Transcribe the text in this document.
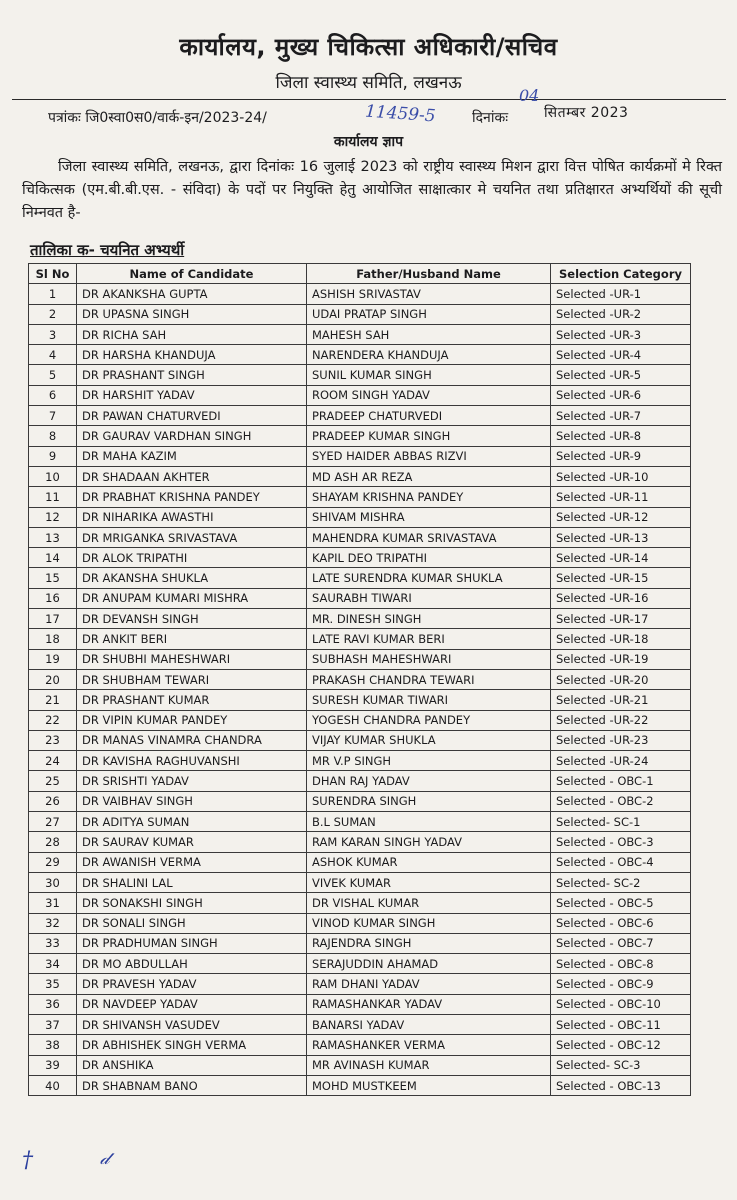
कार्यालय, मुख्य चिकित्सा अधिकारी/सचिव
जिला स्वास्थ्य समिति, लखनऊ
पत्रांकः जि0स्वा0स0/वार्क-इन/2023-24/	11459-5	दिनांकः
04
सितम्बर 2023
कार्यालय ज्ञाप
जिला स्वास्थ्य समिति, लखनऊ, द्वारा दिनांकः 16 जुलाई 2023 को राष्ट्रीय स्वास्थ्य मिशन द्वारा वित्त पोषित कार्यक्रमों मे रिक्त चिकित्सक (एम.बी.बी.एस. - संविदा) के पदों पर नियुक्ति हेतु आयोजित साक्षात्कार मे चयनित तथा प्रतिक्षारत अभ्यर्थियों की सूची निम्नवत है-
तालिका क- चयनित अभ्यर्थी
Sl No	Name of Candidate	Father/Husband Name	Selection Category
1	DR AKANKSHA GUPTA	ASHISH SRIVASTAV	Selected -UR-1
2	DR UPASNA SINGH	UDAI PRATAP SINGH	Selected -UR-2
3	DR RICHA SAH	MAHESH SAH	Selected -UR-3
4	DR HARSHA KHANDUJA	NARENDERA KHANDUJA	Selected -UR-4
5	DR PRASHANT SINGH	SUNIL KUMAR SINGH	Selected -UR-5
6	DR HARSHIT YADAV	ROOM SINGH YADAV	Selected -UR-6
7	DR PAWAN CHATURVEDI	PRADEEP CHATURVEDI	Selected -UR-7
8	DR GAURAV VARDHAN SINGH	PRADEEP KUMAR SINGH	Selected -UR-8
9	DR MAHA KAZIM	SYED HAIDER ABBAS RIZVI	Selected -UR-9
10	DR SHADAAN AKHTER	MD ASH AR REZA	Selected -UR-10
11	DR PRABHAT KRISHNA PANDEY	SHAYAM KRISHNA PANDEY	Selected -UR-11
12	DR NIHARIKA AWASTHI	SHIVAM MISHRA	Selected -UR-12
13	DR MRIGANKA SRIVASTAVA	MAHENDRA KUMAR SRIVASTAVA	Selected -UR-13
14	DR ALOK TRIPATHI	KAPIL DEO TRIPATHI	Selected -UR-14
15	DR AKANSHA SHUKLA	LATE SURENDRA KUMAR SHUKLA	Selected -UR-15
16	DR ANUPAM KUMARI MISHRA	SAURABH TIWARI	Selected -UR-16
17	DR DEVANSH SINGH	MR. DINESH SINGH	Selected -UR-17
18	DR ANKIT BERI	LATE RAVI KUMAR BERI	Selected -UR-18
19	DR SHUBHI MAHESHWARI	SUBHASH MAHESHWARI	Selected -UR-19
20	DR SHUBHAM TEWARI	PRAKASH CHANDRA TEWARI	Selected -UR-20
21	DR PRASHANT KUMAR	SURESH KUMAR TIWARI	Selected -UR-21
22	DR VIPIN KUMAR PANDEY	YOGESH CHANDRA PANDEY	Selected -UR-22
23	DR MANAS VINAMRA CHANDRA	VIJAY KUMAR SHUKLA	Selected -UR-23
24	DR KAVISHA RAGHUVANSHI	MR V.P SINGH	Selected -UR-24
25	DR SRISHTI YADAV	DHAN RAJ YADAV	Selected - OBC-1
26	DR VAIBHAV SINGH	SURENDRA SINGH	Selected - OBC-2
27	DR ADITYA SUMAN	B.L SUMAN	Selected- SC-1
28	DR SAURAV KUMAR	RAM KARAN SINGH YADAV	Selected - OBC-3
29	DR AWANISH VERMA	ASHOK KUMAR	Selected - OBC-4
30	DR SHALINI LAL	VIVEK KUMAR	Selected- SC-2
31	DR SONAKSHI SINGH	DR VISHAL KUMAR	Selected - OBC-5
32	DR SONALI SINGH	VINOD KUMAR SINGH	Selected - OBC-6
33	DR PRADHUMAN SINGH	RAJENDRA SINGH	Selected - OBC-7
34	DR MO ABDULLAH	SERAJUDDIN AHAMAD	Selected - OBC-8
35	DR PRAVESH YADAV	RAM DHANI YADAV	Selected - OBC-9
36	DR NAVDEEP YADAV	RAMASHANKAR YADAV	Selected - OBC-10
37	DR SHIVANSH VASUDEV	BANARSI YADAV	Selected - OBC-11
38	DR ABHISHEK SINGH VERMA	RAMASHANKER VERMA	Selected - OBC-12
39	DR ANSHIKA	MR AVINASH KUMAR	Selected- SC-3
40	DR SHABNAM BANO	MOHD MUSTKEEM	Selected - OBC-13
†	𝒹
